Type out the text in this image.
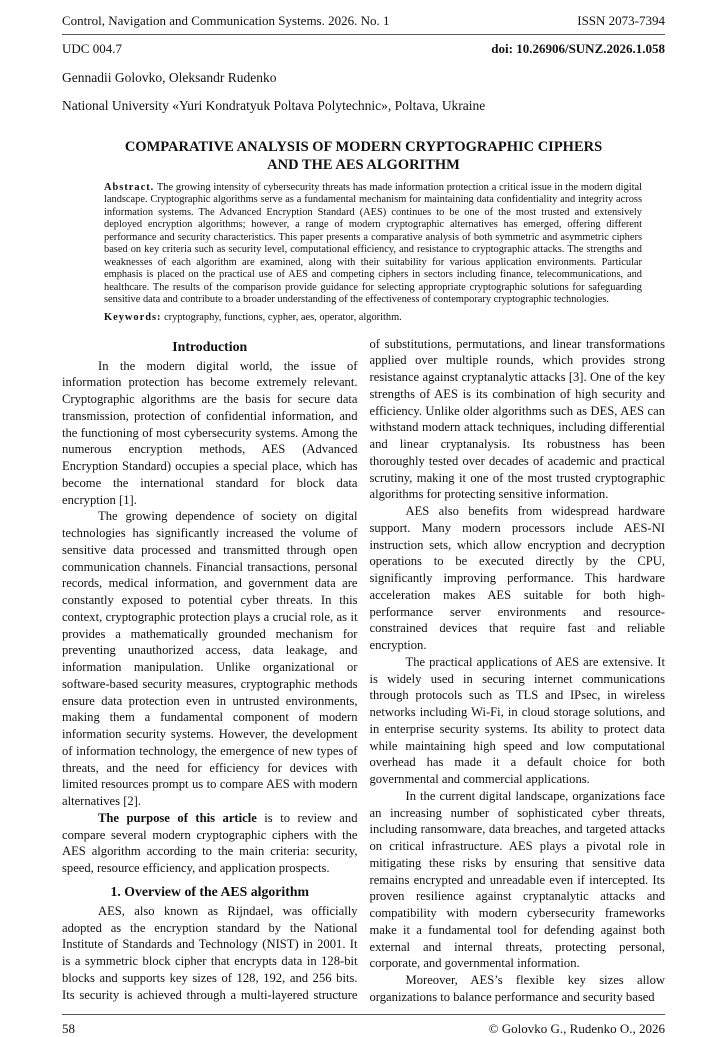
Control, Navigation and Communication Systems. 2026. No. 1	ISSN 2073-7394
UDC 004.7	doi: 10.26906/SUNZ.2026.1.058
Gennadii Golovko, Oleksandr Rudenko
National University «Yuri Kondratyuk Poltava Polytechnic», Poltava, Ukraine
COMPARATIVE ANALYSIS OF MODERN CRYPTOGRAPHIC CIPHERS
AND THE AES ALGORITHM

Abstract. The growing intensity of cybersecurity threats has made information protection a critical issue in the modern digital landscape. Cryptographic algorithms serve as a fundamental mechanism for maintaining data confidentiality and integrity across information systems. The Advanced Encryption Standard (AES) continues to be one of the most trusted and extensively deployed encryption algorithms; however, a range of modern cryptographic alternatives has emerged, offering different performance and security characteristics. This paper presents a comparative analysis of both symmetric and asymmetric ciphers based on key criteria such as security level, computational efficiency, and resistance to cryptographic attacks. The strengths and weaknesses of each algorithm are examined, along with their suitability for various application environments. Particular emphasis is placed on the practical use of AES and competing ciphers in sectors including finance, telecommunications, and healthcare. The results of the comparison provide guidance for selecting appropriate cryptographic solutions for safeguarding sensitive data and contribute to a broader understanding of the effectiveness of contemporary cryptographic technologies.

Keywords: cryptography, functions, cypher, aes, operator, algorithm.
Introduction

In the modern digital world, the issue of information protection has become extremely relevant. Cryptographic algorithms are the basis for secure data transmission, protection of confidential information, and the functioning of most cybersecurity systems. Among the numerous encryption methods, AES (Advanced Encryption Standard) occupies a special place, which has become the international standard for block data encryption [1].

The growing dependence of society on digital technologies has significantly increased the volume of sensitive data processed and transmitted through open communication channels. Financial transactions, personal records, medical information, and government data are constantly exposed to potential cyber threats. In this context, cryptographic protection plays a crucial role, as it provides a mathematically grounded mechanism for preventing unauthorized access, data leakage, and information manipulation. Unlike organizational or software-based security measures, cryptographic methods ensure data protection even in untrusted environments, making them a fundamental component of modern information security systems. However, the development of information technology, the emergence of new types of threats, and the need for efficiency for devices with limited resources prompt us to compare AES with modern alternatives [2].

The purpose of this article is to review and compare several modern cryptographic ciphers with the AES algorithm according to the main criteria: security, speed, resource efficiency, and application prospects.

1. Overview of the AES algorithm

AES, also known as Rijndael, was officially adopted as the encryption standard by the National Institute of Standards and Technology (NIST) in 2001. It is a symmetric block cipher that encrypts data in 128-bit blocks and supports key sizes of 128, 192, and 256 bits. Its security is achieved through a multi-layered structure of substitutions, permutations, and linear transformations applied over multiple rounds, which provides strong resistance against cryptanalytic attacks [3]. One of the key strengths of AES is its combination of high security and efficiency. Unlike older algorithms such as DES, AES can withstand modern attack techniques, including differential and linear cryptanalysis. Its robustness has been thoroughly tested over decades of academic and practical scrutiny, making it one of the most trusted cryptographic algorithms for protecting sensitive information.

AES also benefits from widespread hardware support. Many modern processors include AES-NI instruction sets, which allow encryption and decryption operations to be executed directly by the CPU, significantly improving performance. This hardware acceleration makes AES suitable for both high-performance server environments and resource-constrained devices that require fast and reliable encryption.

The practical applications of AES are extensive. It is widely used in securing internet communications through protocols such as TLS and IPsec, in wireless networks including Wi-Fi, in cloud storage solutions, and in enterprise security systems. Its ability to protect data while maintaining high speed and low computational overhead has made it a default choice for both governmental and commercial applications.

In the current digital landscape, organizations face an increasing number of sophisticated cyber threats, including ransomware, data breaches, and targeted attacks on critical infrastructure. AES plays a pivotal role in mitigating these risks by ensuring that sensitive data remains encrypted and unreadable even if intercepted. Its proven resilience against cryptanalytic attacks and compatibility with modern cybersecurity frameworks make it a fundamental tool for defending against both external and internal threats, protecting personal, corporate, and governmental information.

Moreover, AES’s flexible key sizes allow organizations to balance performance and security based

58	© Golovko G., Rudenko O., 2026
